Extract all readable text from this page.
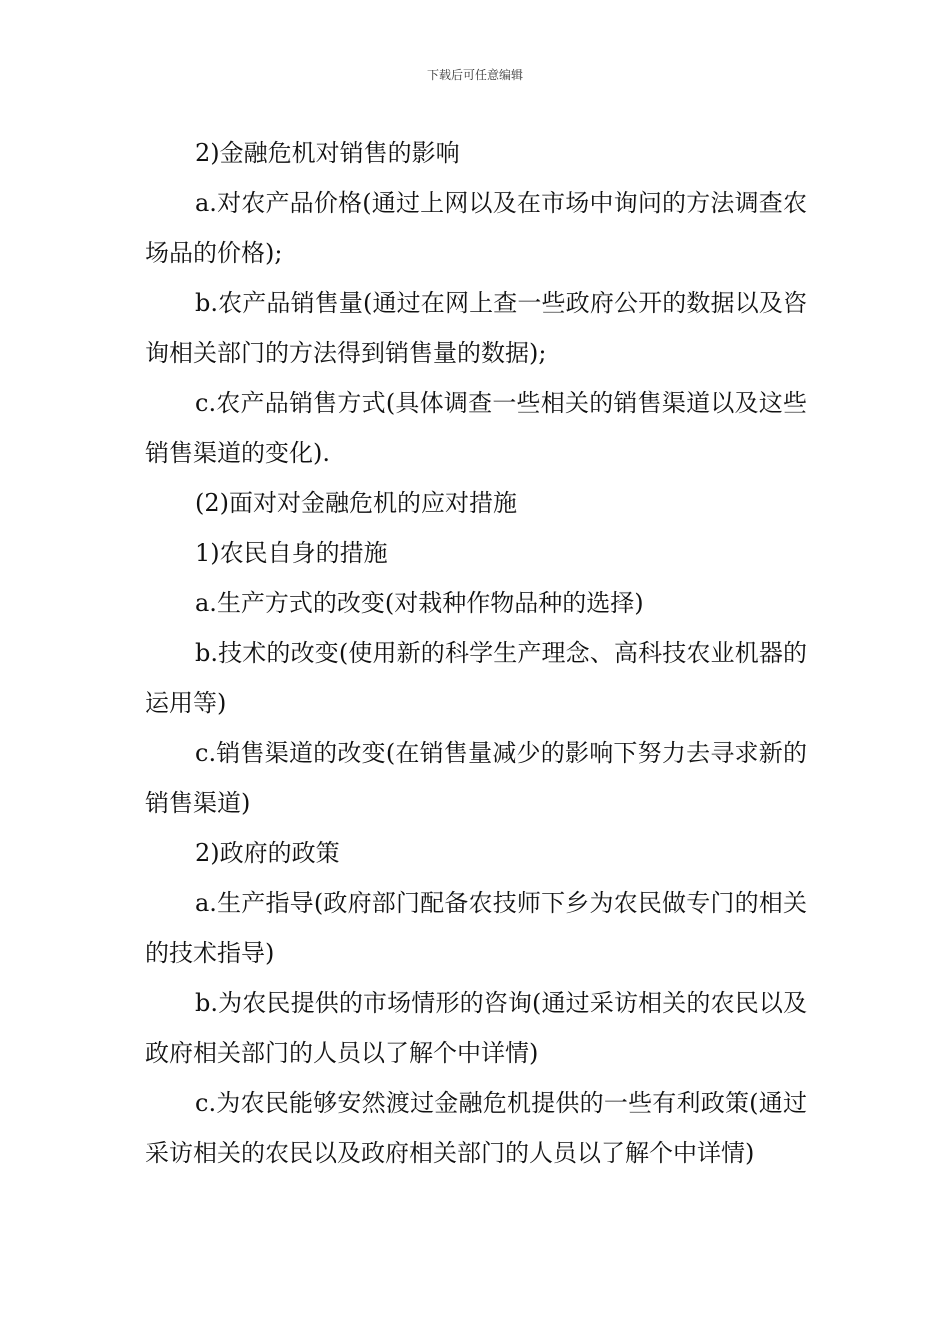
下载后可任意编辑

2)金融危机对销售的影响

a.对农产品价格(通过上网以及在市场中询问的方法调查农场品的价格);

b.农产品销售量(通过在网上查一些政府公开的数据以及咨询相关部门的方法得到销售量的数据);

c.农产品销售方式(具体调查一些相关的销售渠道以及这些销售渠道的变化).

(2)面对对金融危机的应对措施

1)农民自身的措施

a.生产方式的改变(对栽种作物品种的选择)

b.技术的改变(使用新的科学生产理念、高科技农业机器的运用等)

c.销售渠道的改变(在销售量减少的影响下努力去寻求新的销售渠道)

2)政府的政策

a.生产指导(政府部门配备农技师下乡为农民做专门的相关的技术指导)

b.为农民提供的市场情形的咨询(通过采访相关的农民以及政府相关部门的人员以了解个中详情)

c.为农民能够安然渡过金融危机提供的一些有利政策(通过采访相关的农民以及政府相关部门的人员以了解个中详情)
